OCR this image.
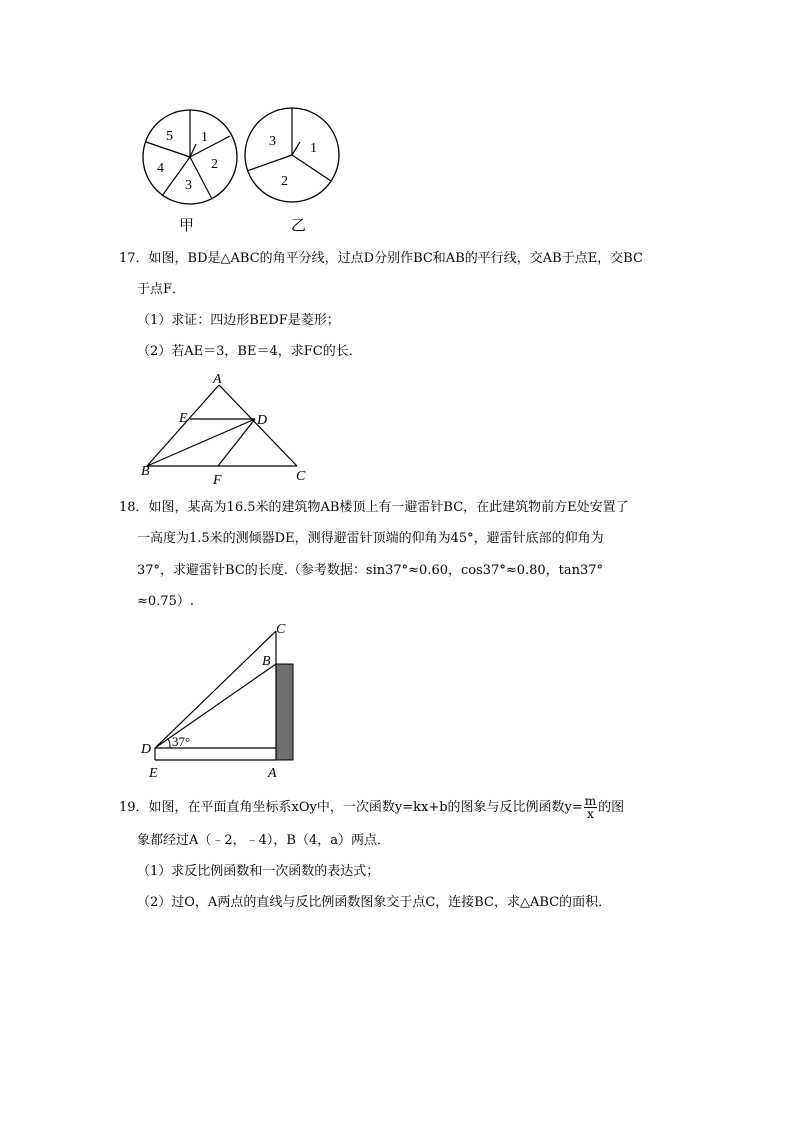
1
2
3
4
5
甲
1
2
3
乙
17．如图，BD是△ABC的角平分线，过点D分别作BC和AB的平行线，交AB于点E，交BC
于点F．
（1）求证：四边形BEDF是菱形；
（2）若AE＝3，BE＝4，求FC的长．
A
E	D
B
F	C
18．如图，某高为16.5米的建筑物AB楼顶上有一避雷针BC，在此建筑物前方E处安置了
一高度为1.5米的测倾器DE，测得避雷针顶端的仰角为45°，避雷针底部的仰角为
37°，求避雷针BC的长度.（参考数据：sin37°≈0.60，cos37°≈0.80，tan37°
≈0.75）.
C
B
D
37°
E	A
19．如图，在平面直角坐标系xOy中，一次函数y=kx+b的图象与反比例函数$y= \frac{m}{x}$ 的图
象都经过A（﹣2，﹣4），B（4，a）两点．
（1）求反比例函数和一次函数的表达式；
（2）过O，A两点的直线与反比例函数图象交于点C，连接BC，求△ABC的面积．
